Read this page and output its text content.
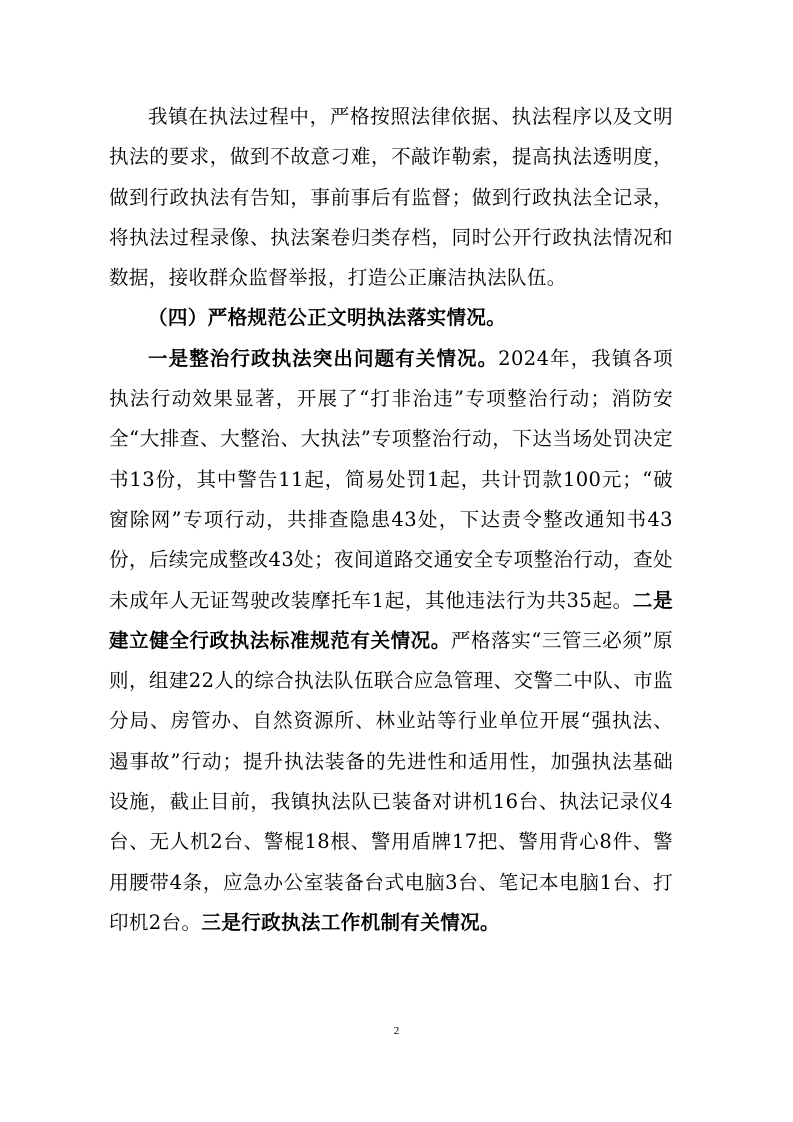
我镇在执法过程中，严格按照法律依据、执法程序以及文明执法的要求，做到不故意刁难，不敲诈勒索，提高执法透明度，做到行政执法有告知，事前事后有监督；做到行政执法全记录，将执法过程录像、执法案卷归类存档，同时公开行政执法情况和数据，接收群众监督举报，打造公正廉洁执法队伍。

（四）严格规范公正文明执法落实情况。

一是整治行政执法突出问题有关情况。2024年，我镇各项执法行动效果显著，开展了“打非治违”专项整治行动；消防安全“大排查、大整治、大执法”专项整治行动，下达当场处罚决定书13份，其中警告11起，简易处罚1起，共计罚款100元；“破窗除网”专项行动，共排查隐患43处，下达责令整改通知书43份，后续完成整改43处；夜间道路交通安全专项整治行动，查处未成年人无证驾驶改装摩托车1起，其他违法行为共35起。二是建立健全行政执法标准规范有关情况。严格落实“三管三必须”原则，组建22人的综合执法队伍联合应急管理、交警二中队、市监分局、房管办、自然资源所、林业站等行业单位开展“强执法、遏事故”行动；提升执法装备的先进性和适用性，加强执法基础设施，截止目前，我镇执法队已装备对讲机16台、执法记录仪4台、无人机2台、警棍18根、警用盾牌17把、警用背心8件、警用腰带4条，应急办公室装备台式电脑3台、笔记本电脑1台、打印机2台。三是行政执法工作机制有关情况。

2
